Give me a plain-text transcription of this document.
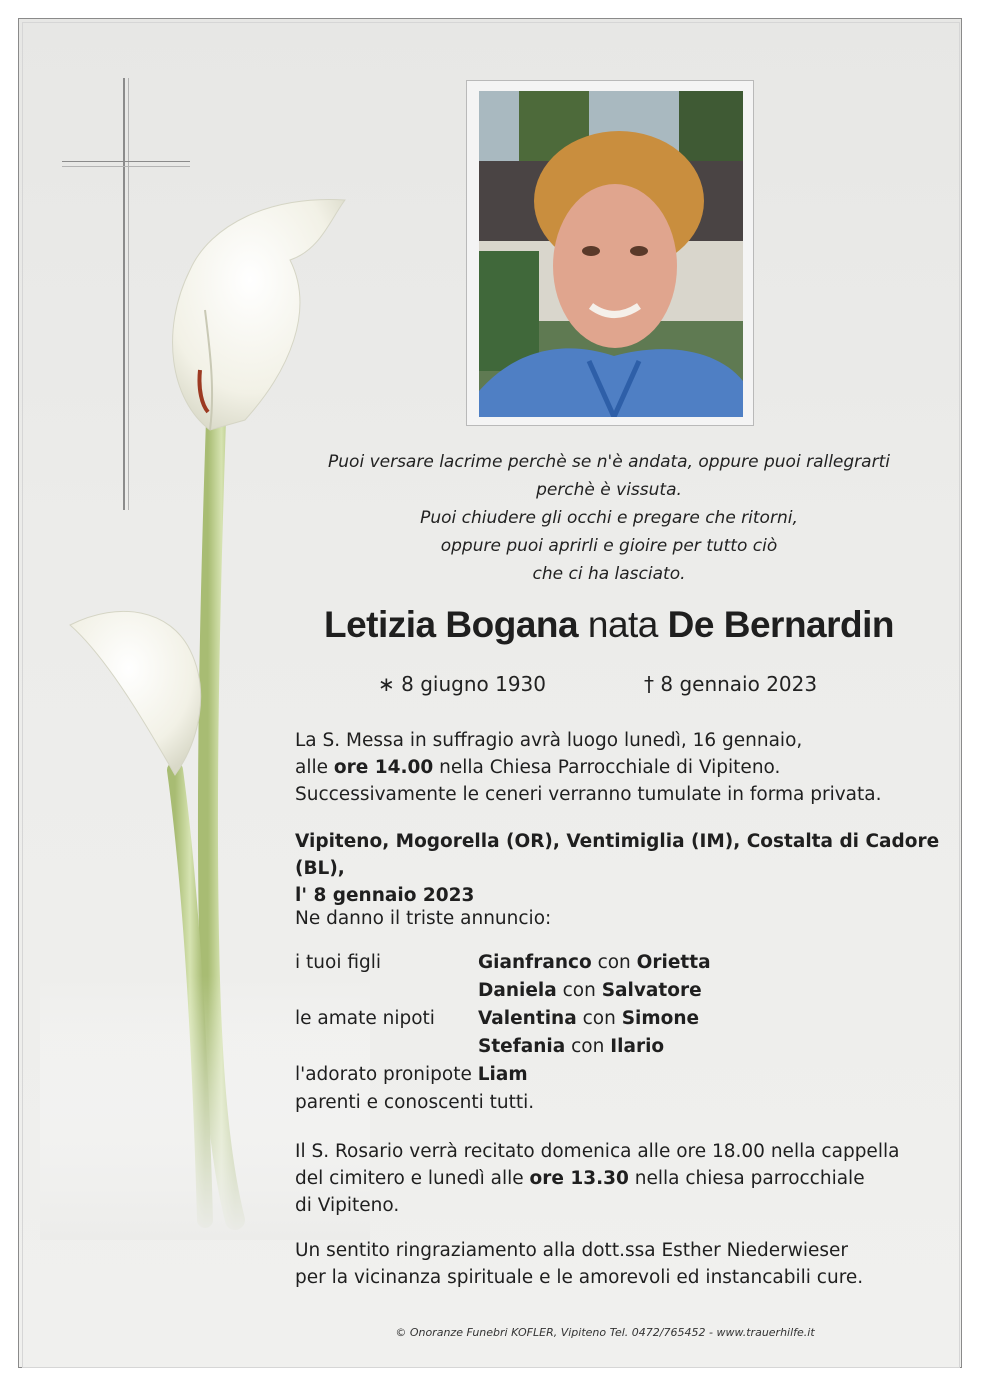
Puoi versare lacrime perchè se n'è andata, oppure puoi rallegrarti
perchè è vissuta.
Puoi chiudere gli occhi e pregare che ritorni,
oppure puoi aprirli e gioire per tutto ciò
che ci ha lasciato.
Letizia Bogana nata De Bernardin
∗ 8 giugno 1930	† 8 gennaio 2023
La S. Messa in suffragio avrà luogo lunedì, 16 gennaio,
alle ore 14.00 nella Chiesa Parrocchiale di Vipiteno.
Successivamente le ceneri verranno tumulate in forma privata.
Vipiteno, Mogorella (OR), Ventimiglia (IM), Costalta di Cadore (BL),
l' 8 gennaio 2023
Ne danno il triste annuncio:
i tuoi figli	Gianfranco con Orietta
Daniela con Salvatore
le amate nipoti Valentina con Simone
Stefania con Ilario
l'adorato pronipote Liam
parenti e conoscenti tutti.
Il S. Rosario verrà recitato domenica alle ore 18.00 nella cappella
del cimitero e lunedì alle ore 13.30 nella chiesa parrocchiale
di Vipiteno.
Un sentito ringraziamento alla dott.ssa Esther Niederwieser
per la vicinanza spirituale e le amorevoli ed instancabili cure.
© Onoranze Funebri KOFLER, Vipiteno Tel. 0472/765452 - www.trauerhilfe.it
